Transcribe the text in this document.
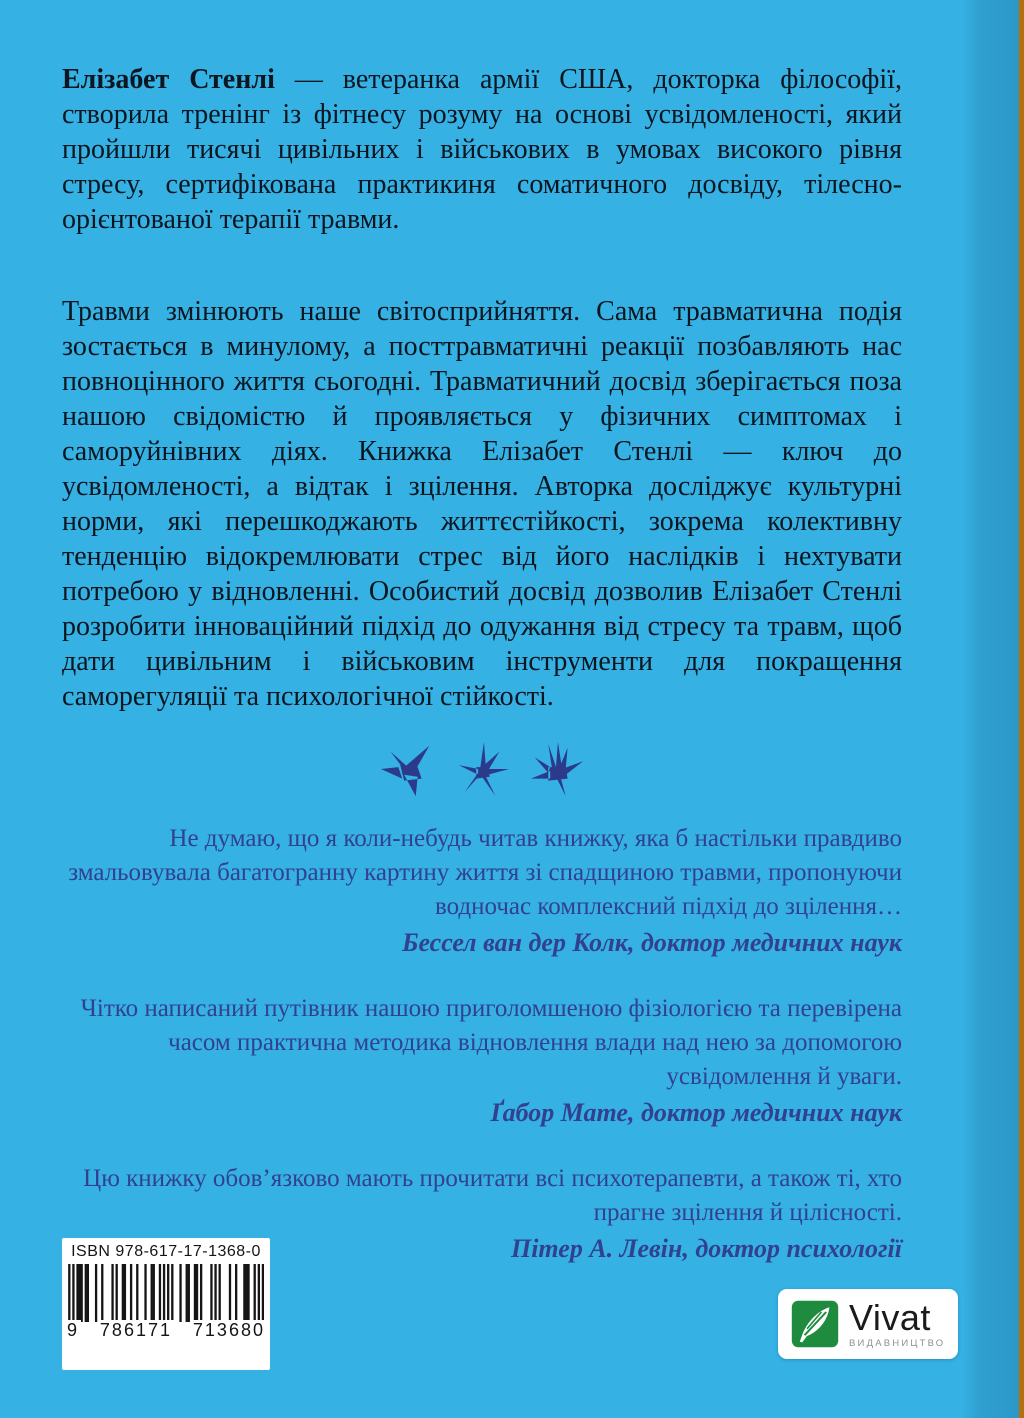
Елізабет Стенлі — ветеранка армії США, докторка філософії, створила тренінг із фітнесу розуму на основі усвідомленості, який пройшли тисячі цивільних і військових в умовах високого рівня стресу, сертифікована практикиня соматичного досвіду, тілесно-орієнтованої терапії травми.

Травми змінюють наше світосприйняття. Сама травматична подія зостається в минулому, а посттравматичні реакції позбавляють нас повноцінного життя сьогодні. Травматичний досвід зберігається поза нашою свідомістю й проявляється у фізичних симптомах і саморуйнівних діях. Книжка Елізабет Стенлі — ключ до усвідомленості, а відтак і зцілення. Авторка досліджує культурні норми, які перешкоджають життєстійкості, зокрема колективну тенденцію відокремлювати стрес від його наслідків і нехтувати потребою у відновленні. Особистий досвід дозволив Елізабет Стенлі розробити інноваційний підхід до одужання від стресу та травм, щоб дати цивільним і військовим інструменти для покращення саморегуляції та психологічної стійкості.

Не думаю, що я коли-небудь читав книжку, яка б настільки правдиво змальовувала багатогранну картину життя зі спадщиною травми, пропонуючи водночас комплексний підхід до зцілення…
Бессел ван дер Колк, доктор медичних наук
Чітко написаний путівник нашою приголомшеною фізіологією та перевірена часом практична методика відновлення влади над нею за допомогою усвідомлення й уваги.
Ґабор Мате, доктор медичних наук
Цю книжку обов’язково мають прочитати всі психотерапевти, а також ті, хто прагне зцілення й цілісності.
Пітер А. Левін, доктор психології
ISBN 978-617-17-1368-0
9 786171 713680	Vivat
ВИДАВНИЦТВО
